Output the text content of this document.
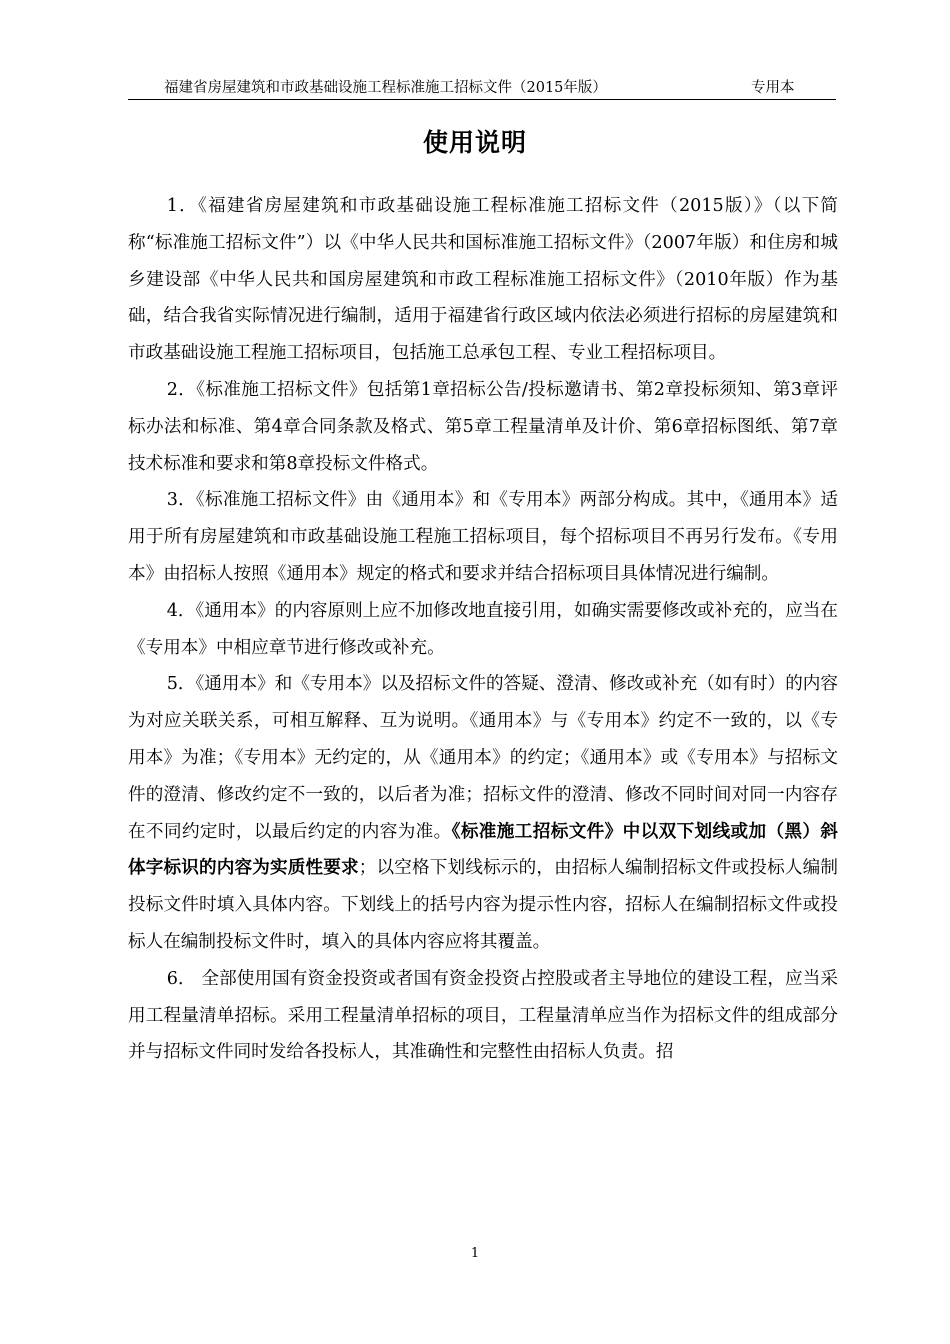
福建省房屋建筑和市政基础设施工程标准施工招标文件（2015年版）	专用本
使用说明

1．《福建省房屋建筑和市政基础设施工程标准施工招标文件（2015版）》（以下简称“标准施工招标文件”）以《中华人民共和国标准施工招标文件》（2007年版）和住房和城乡建设部《中华人民共和国房屋建筑和市政工程标准施工招标文件》（2010年版）作为基础，结合我省实际情况进行编制，适用于福建省行政区域内依法必须进行招标的房屋建筑和市政基础设施工程施工招标项目，包括施工总承包工程、专业工程招标项目。

2．《标准施工招标文件》包括第1章招标公告/投标邀请书、第2章投标须知、第3章评标办法和标准、第4章合同条款及格式、第5章工程量清单及计价、第6章招标图纸、第7章技术标准和要求和第8章投标文件格式。

3．《标准施工招标文件》由《通用本》和《专用本》两部分构成。其中，《通用本》适用于所有房屋建筑和市政基础设施工程施工招标项目，每个招标项目不再另行发布。《专用本》由招标人按照《通用本》规定的格式和要求并结合招标项目具体情况进行编制。

4．《通用本》的内容原则上应不加修改地直接引用，如确实需要修改或补充的，应当在《专用本》中相应章节进行修改或补充。

5．《通用本》和《专用本》以及招标文件的答疑、澄清、修改或补充（如有时）的内容为对应关联关系，可相互解释、互为说明。《通用本》与《专用本》约定不一致的，以《专用本》为准；《专用本》无约定的，从《通用本》的约定；《通用本》或《专用本》与招标文件的澄清、修改约定不一致的，以后者为准；招标文件的澄清、修改不同时间对同一内容存在不同约定时，以最后约定的内容为准。《标准施工招标文件》中以双下划线或加（黑）斜体字标识的内容为实质性要求；以空格下划线标示的，由招标人编制招标文件或投标人编制投标文件时填入具体内容。下划线上的括号内容为提示性内容，招标人在编制招标文件或投标人在编制投标文件时，填入的具体内容应将其覆盖。

6． 全部使用国有资金投资或者国有资金投资占控股或者主导地位的建设工程，应当采用工程量清单招标。采用工程量清单招标的项目，工程量清单应当作为招标文件的组成部分并与招标文件同时发给各投标人，其准确性和完整性由招标人负责。招

1
